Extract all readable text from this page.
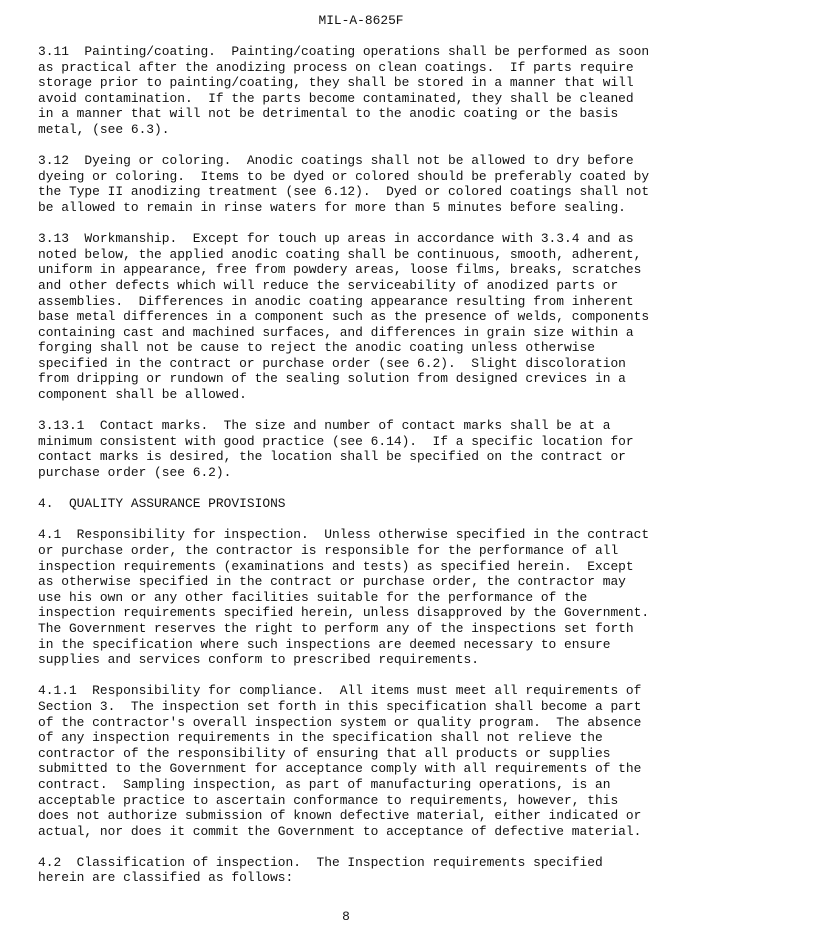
MIL-A-8625F

3.11  Painting/coating.  Painting/coating operations shall be performed as soon
as practical after the anodizing process on clean coatings.  If parts require
storage prior to painting/coating, they shall be stored in a manner that will
avoid contamination.  If the parts become contaminated, they shall be cleaned
in a manner that will not be detrimental to the anodic coating or the basis
metal, (see 6.3).

3.12  Dyeing or coloring.  Anodic coatings shall not be allowed to dry before
dyeing or coloring.  Items to be dyed or colored should be preferably coated by
the Type II anodizing treatment (see 6.12).  Dyed or colored coatings shall not
be allowed to remain in rinse waters for more than 5 minutes before sealing.

3.13  Workmanship.  Except for touch up areas in accordance with 3.3.4 and as
noted below, the applied anodic coating shall be continuous, smooth, adherent,
uniform in appearance, free from powdery areas, loose films, breaks, scratches
and other defects which will reduce the serviceability of anodized parts or
assemblies.  Differences in anodic coating appearance resulting from inherent
base metal differences in a component such as the presence of welds, components
containing cast and machined surfaces, and differences in grain size within a
forging shall not be cause to reject the anodic coating unless otherwise
specified in the contract or purchase order (see 6.2).  Slight discoloration
from dripping or rundown of the sealing solution from designed crevices in a
component shall be allowed.

3.13.1  Contact marks.  The size and number of contact marks shall be at a
minimum consistent with good practice (see 6.14).  If a specific location for
contact marks is desired, the location shall be specified on the contract or
purchase order (see 6.2).

4.  QUALITY ASSURANCE PROVISIONS

4.1  Responsibility for inspection.  Unless otherwise specified in the contract
or purchase order, the contractor is responsible for the performance of all
inspection requirements (examinations and tests) as specified herein.  Except
as otherwise specified in the contract or purchase order, the contractor may
use his own or any other facilities suitable for the performance of the
inspection requirements specified herein, unless disapproved by the Government.
The Government reserves the right to perform any of the inspections set forth
in the specification where such inspections are deemed necessary to ensure
supplies and services conform to prescribed requirements.

4.1.1  Responsibility for compliance.  All items must meet all requirements of
Section 3.  The inspection set forth in this specification shall become a part
of the contractor's overall inspection system or quality program.  The absence
of any inspection requirements in the specification shall not relieve the
contractor of the responsibility of ensuring that all products or supplies
submitted to the Government for acceptance comply with all requirements of the
contract.  Sampling inspection, as part of manufacturing operations, is an
acceptable practice to ascertain conformance to requirements, however, this
does not authorize submission of known defective material, either indicated or
actual, nor does it commit the Government to acceptance of defective material.

4.2  Classification of inspection.  The Inspection requirements specified
herein are classified as follows:

8
